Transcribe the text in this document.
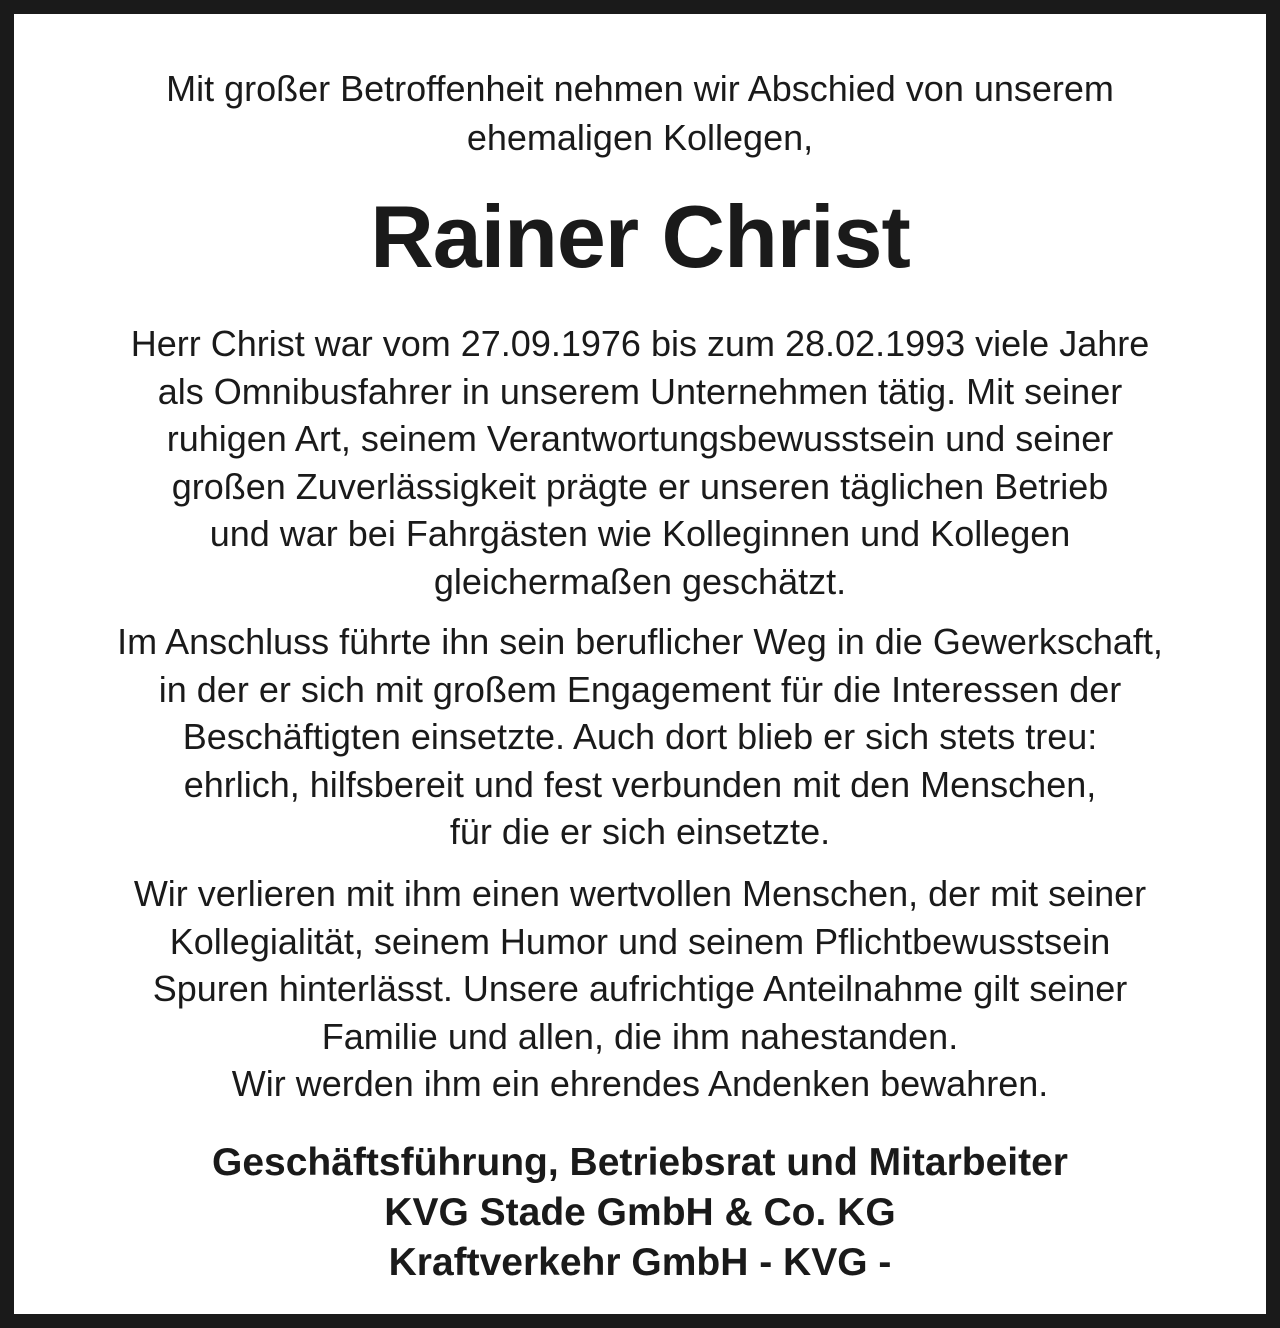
Mit großer Betroffenheit nehmen wir Abschied von unserem
ehemaligen Kollegen,
Rainer Christ
Herr Christ war vom 27.09.1976 bis zum 28.02.1993 viele Jahre
als Omnibusfahrer in unserem Unternehmen tätig. Mit seiner
ruhigen Art, seinem Verantwortungsbewusstsein und seiner
großen Zuverlässigkeit prägte er unseren täglichen Betrieb
und war bei Fahrgästen wie Kolleginnen und Kollegen
gleichermaßen geschätzt.
Im Anschluss führte ihn sein beruflicher Weg in die Gewerkschaft,
in der er sich mit großem Engagement für die Interessen der
Beschäftigten einsetzte. Auch dort blieb er sich stets treu:
ehrlich, hilfsbereit und fest verbunden mit den Menschen,
für die er sich einsetzte.
Wir verlieren mit ihm einen wertvollen Menschen, der mit seiner
Kollegialität, seinem Humor und seinem Pflichtbewusstsein
Spuren hinterlässt. Unsere aufrichtige Anteilnahme gilt seiner
Familie und allen, die ihm nahestanden.
Wir werden ihm ein ehrendes Andenken bewahren.
Geschäftsführung, Betriebsrat und Mitarbeiter
KVG Stade GmbH & Co. KG
Kraftverkehr GmbH - KVG -
